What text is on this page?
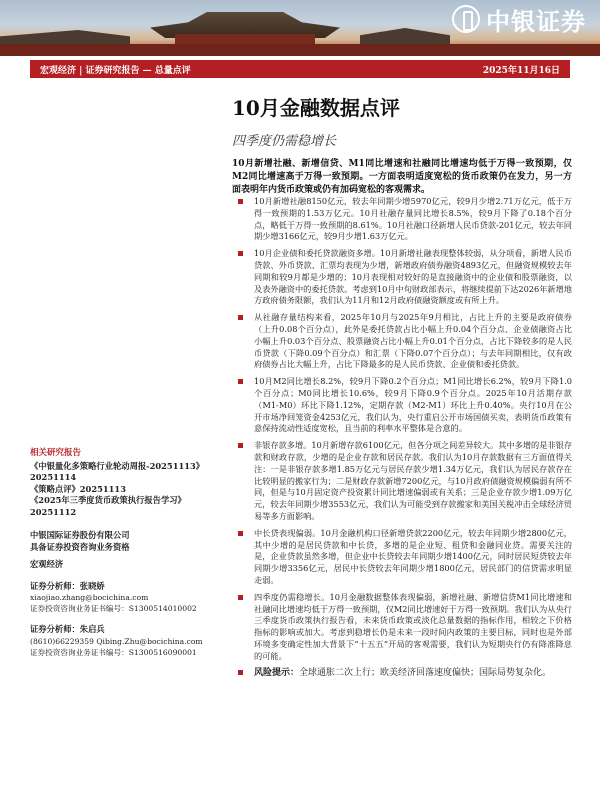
中银证券
宏观经济 | 证券研究报告 — 总量点评	2025年11月16日
10月金融数据点评
四季度仍需稳增长

10月新增社融、新增信贷、M1同比增速和社融同比增速均低于万得一致预期，仅M2同比增速高于万得一致预期。一方面表明适度宽松的货币政策仍在发力，另一方面表明年内货币政策或仍有加码宽松的客观需求。

10月新增社融8150亿元，较去年同期少增5970亿元，较9月少增2.71万亿元，低于万得一致预期的1.53万亿元。10月社融存量同比增长8.5%，较9月下降了0.18个百分点，略低于万得一致预期的8.61%。10月社融口径新增人民币贷款-201亿元，较去年同期少增3166亿元，较9月少增1.63万亿元。
10月企业债和委托贷款融资多增。10月新增社融表现整体较弱，从分项看，新增人民币贷款、外币贷款、汇票均表现为少增，新增政府债券融资4893亿元，但融资规模较去年同期和较9月都是少增的；10月表现相对较好的是直接融资中的企业债和股票融资，以及表外融资中的委托贷款。考虑到10月中旬财政部表示，将继续提前下达2026年新增地方政府债务限额，我们认为11月和12月政府债融资额度或有所上升。
从社融存量结构来看，2025年10月与2025年9月相比，占比上升的主要是政府债券（上升0.08个百分点），此外是委托贷款占比小幅上升0.04个百分点、企业债融资占比小幅上升0.03个百分点、股票融资占比小幅上升0.01个百分点，占比下降较多的是人民币贷款（下降0.09个百分点）和汇票（下降0.07个百分点）；与去年同期相比，仅有政府债券占比大幅上升，占比下降最多的是人民币贷款、企业债和委托贷款。
10月M2同比增长8.2%，较9月下降0.2个百分点；M1同比增长6.2%，较9月下降1.0个百分点；M0同比增长10.6%，较9月下降0.9个百分点。2025年10月活期存款（M1-M0）环比下降1.12%，定期存款（M2-M1）环比上升0.40%。央行10月在公开市场净回笼资金4253亿元，我们认为，央行重启公开市场国债买卖，表明货币政策有意保持流动性适度宽松，且当前的利率水平整体是合意的。
非银存款多增。10月新增存款6100亿元，但各分项之间差异较大。其中多增的是非银存款和财政存款，少增的是企业存款和居民存款。我们认为10月存款数据有三方面值得关注：一是非银存款多增1.85万亿元与居民存款少增1.34万亿元，我们认为居民存款存在比较明显的搬家行为；二是财政存款新增7200亿元，与10月政府债融资规模偏弱有所不同，但是与10月固定资产投资累计同比增速偏弱或有关系；三是企业存款少增1.09万亿元，较去年同期少增3553亿元，我们认为可能受到存款搬家和美国关税冲击全球经济贸易等多方面影响。
中长贷表现偏弱。10月金融机构口径新增贷款2200亿元，较去年同期少增2800亿元，其中少增的是居民贷款和中长贷，多增的是企业短、租贷和金融同业贷。需要关注的是，企业贷款虽然多增，但企业中长贷较去年同期少增1400亿元，同时居民短贷较去年同期少增3356亿元，居民中长贷较去年同期少增1800亿元，居民部门的信贷需求明显走弱。
四季度仍需稳增长。10月金融数据整体表现偏弱，新增社融、新增信贷M1同比增速和社融同比增速均低于万得一致预期，仅M2同比增速好于万得一致预期。我们认为从央行三季度货币政策执行报告看，未来货币政策或淡化总量数据的指标作用，相较之下价格指标的影响或加大。考虑到稳增长仍是未来一段时间内政策的主要目标，同时也是外部环境多变确定性加大背景下“十五五”开局的客观需要，我们认为短期央行仍有降准降息的可能。
风险提示：全球通胀二次上行；欧美经济回落速度偏快；国际局势复杂化。
相关研究报告
《中银量化多策略行业轮动周报-20251113》20251114
《策略点评》20251113
《2025年三季度货币政策执行报告学习》20251112
中银国际证券股份有限公司
具备证券投资咨询业务资格
宏观经济
证券分析师：张晓娇
xiaojiao.zhang@bocichina.com
证券投资咨询业务证书编号：S1300514010002
证券分析师：朱启兵
(8610)66229359 Qibing.Zhu@bocichina.com
证券投资咨询业务证书编号：S1300516090001
